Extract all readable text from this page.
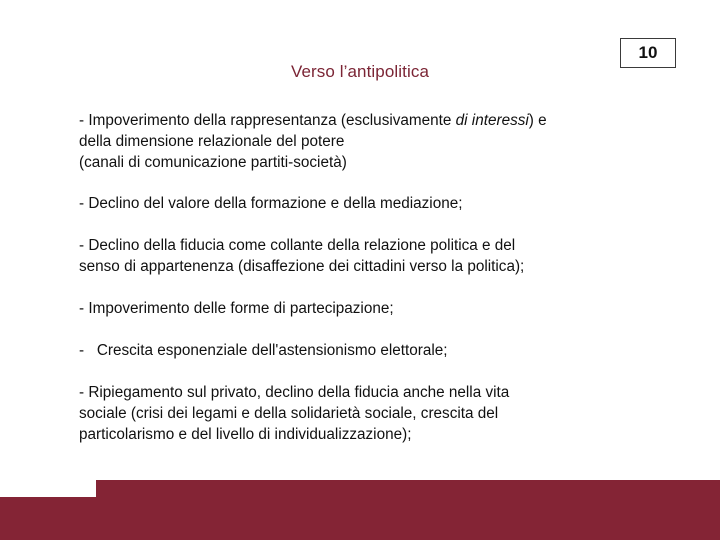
10
Verso l’antipolitica
- Impoverimento della rappresentanza (esclusivamente di interessi) e
della dimensione relazionale del potere
(canali di comunicazione partiti-società)
- Declino del valore della formazione e della mediazione;
- Declino della fiducia come collante della relazione politica e del
senso di appartenenza (disaffezione dei cittadini verso la politica);
- Impoverimento delle forme di partecipazione;
-   Crescita esponenziale dell'astensionismo elettorale;
- Ripiegamento sul privato, declino della fiducia anche nella vita
sociale (crisi dei legami e della solidarietà sociale, crescita del
particolarismo e del livello di individualizzazione);
